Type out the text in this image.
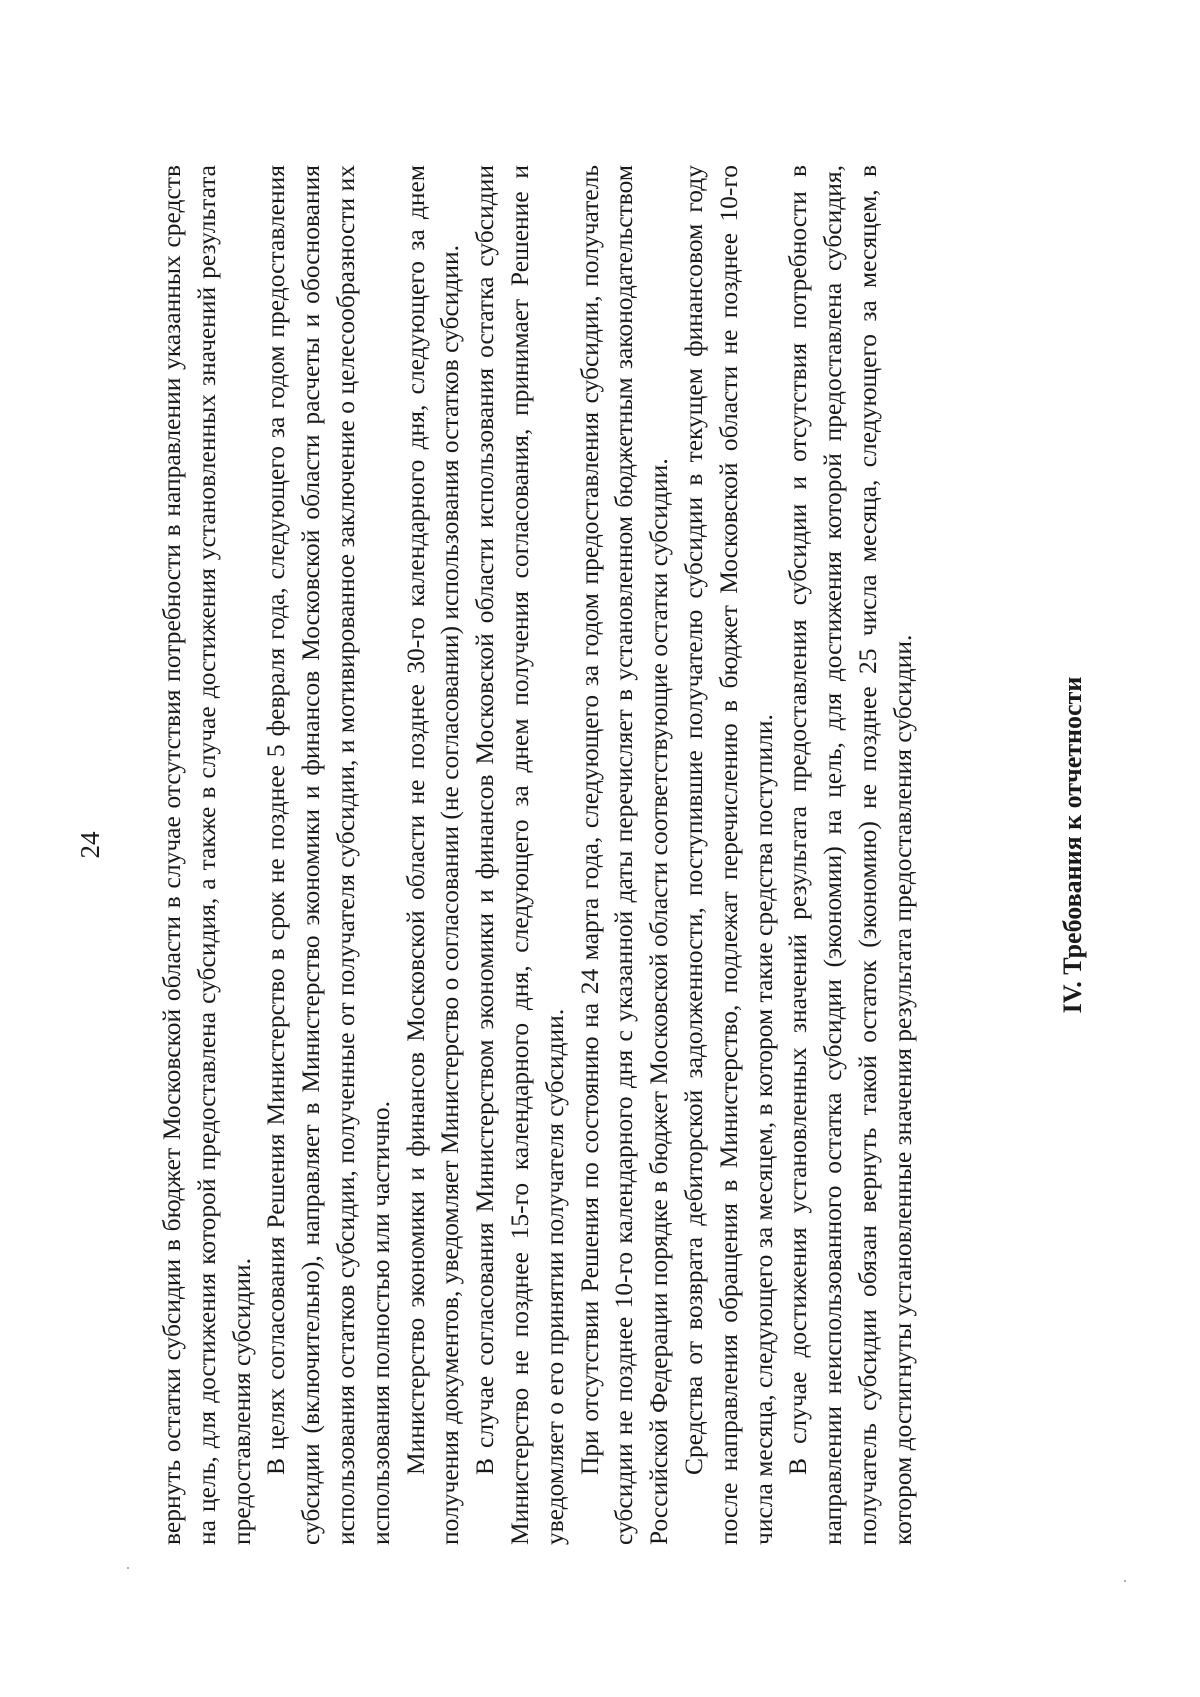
24 вернуть остатки субсидии в бюджет Московской области в случае отсутствия потребности в направлении указанных средств на цель, для достижения которой предоставлена субсидия, а также в случае достижения установленных значений результата предоставления субсидии. В целях согласования Решения Министерство в срок не позднее 5 февраля года, следующего за годом предоставления субсидии (включительно), направляет в Министерство экономики и финансов Московской области расчеты и обоснования использования остатков субсидии, полученные от получателя субсидии, и мотивированное заключение о целесообразности их использования полностью или частично. Министерство экономики и финансов Московской области не позднее 30-го календарного дня, следующего за днем получения документов, уведомляет Министерство о согласовании (не согласовании) использования остатков субсидии. В случае согласования Министерством экономики и финансов Московской области использования остатка субсидии Министерство не позднее 15-го календарного дня, следующего за днем получения согласования, принимает Решение и уведомляет о его принятии получателя субсидии. При отсутствии Решения по состоянию на 24 марта года, следующего за годом предоставления субсидии, получатель субсидии не позднее 10-го календарного дня с указанной даты перечисляет в установленном бюджетным законодательством Российской Федерации порядке в бюджет Московской области соответствующие остатки субсидии. Средства от возврата дебиторской задолженности, поступившие получателю субсидии в текущем финансовом году после направления обращения в Министерство, подлежат перечислению в бюджет Московской области не позднее 10-го числа месяца, следующего за месяцем, в котором такие средства поступили. В случае достижения установленных значений результата предоставления субсидии и отсутствия потребности в направлении неиспользованного остатка субсидии (экономии) на цель, для достижения которой предоставлена субсидия, получатель субсидии обязан вернуть такой остаток (экономию) не позднее 25 числа месяца, следующего за месяцем, в котором достигнуты установленные значения результата предоставления субсидии.	IV. Требования к отчетности
